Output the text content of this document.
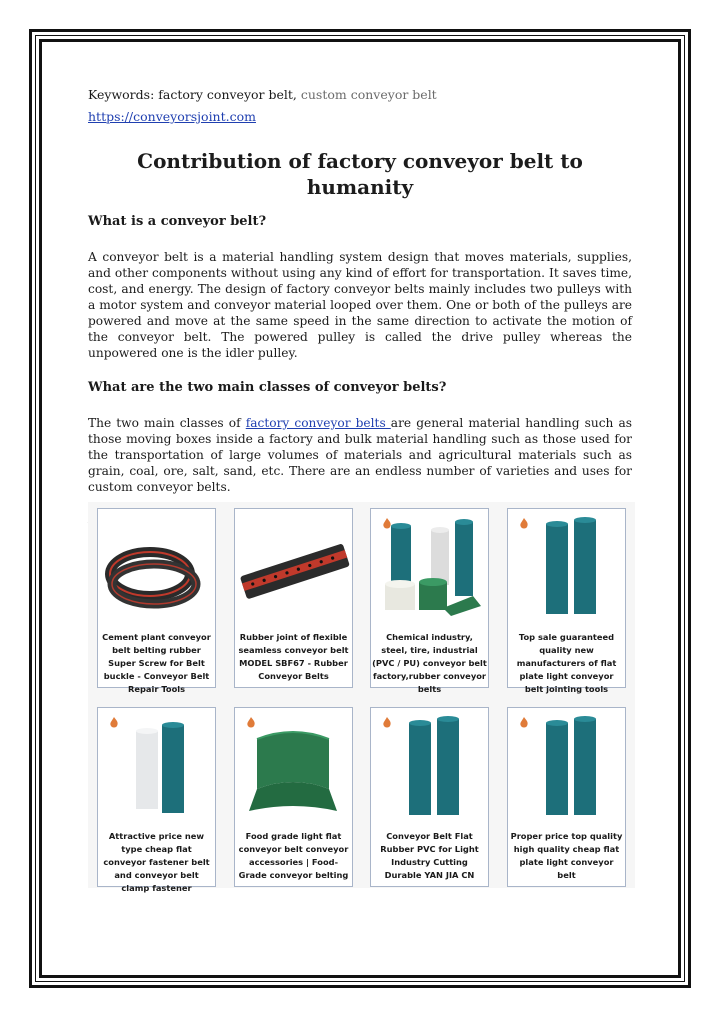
Keywords: factory conveyor belt, custom conveyor belt
https://conveyorsjoint.com
Contribution of factory conveyor belt to humanity
What is a conveyor belt?

A conveyor belt is a material handling system design that moves materials, supplies, and other components without using any kind of effort for transportation. It saves time, cost, and energy. The design of factory conveyor belts mainly includes two pulleys with a motor system and conveyor material looped over them. One or both of the pulleys are powered and move at the same speed in the same direction to activate the motion of the conveyor belt. The powered pulley is called the drive pulley whereas the unpowered one is the idler pulley.

What are the two main classes of conveyor belts?

The two main classes of factory conveyor belts are general material handling such as those moving boxes inside a factory and bulk material handling such as those used for the transportation of large volumes of materials and agricultural materials such as grain, coal, ore, salt, sand, etc. There are an endless number of varieties and uses for custom conveyor belts.

Cement plant conveyor belt belting rubber Super Screw for Belt buckle - Conveyor Belt Repair Tools
Rubber joint of flexible seamless conveyor belt MODEL SBF67 - Rubber Conveyor Belts
Chemical industry, steel, tire, industrial (PVC / PU) conveyor belt factory,rubber conveyor belts
Top sale guaranteed quality new manufacturers of flat plate light conveyor belt jointing tools
Attractive price new type cheap flat conveyor fastener belt and conveyor belt clamp fastener
Food grade light flat conveyor belt conveyor accessories | Food-Grade conveyor belting
Conveyor Belt Flat Rubber PVC for Light Industry Cutting Durable YAN JIA CN
Proper price top quality high quality cheap flat plate light conveyor belt
